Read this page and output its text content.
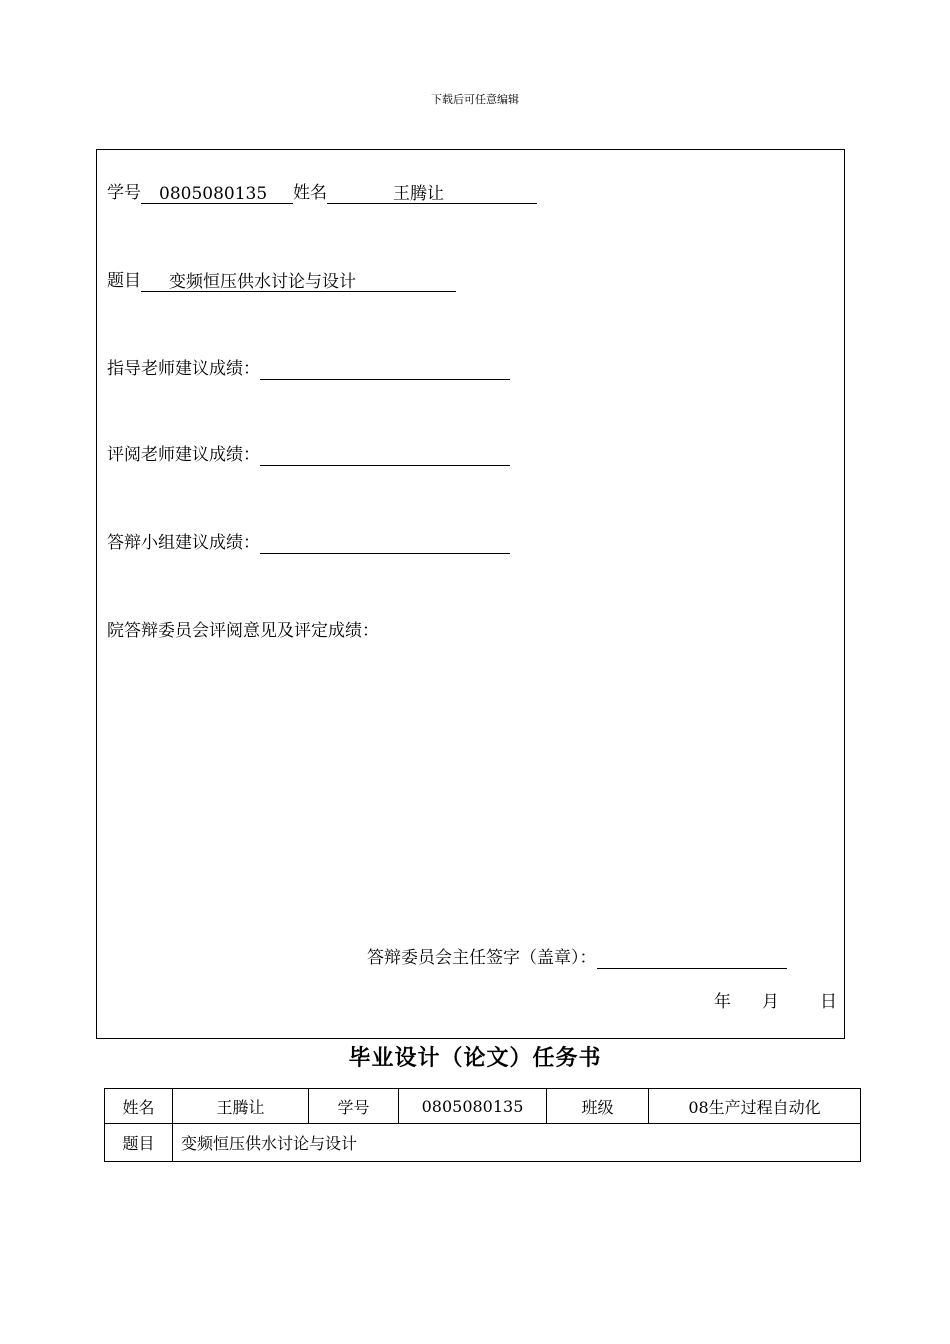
下载后可任意编辑
学号 0805080135 姓名	王腾让
题目 变频恒压供水讨论与设计
指导老师建议成绩：
评阅老师建议成绩：
答辩小组建议成绩：
院答辩委员会评阅意见及评定成绩：
答辩委员会主任签字（盖章）：
年 月 日
毕业设计（论文）任务书
姓名	王腾让	学号	0805080135	班级	08生产过程自动化
题目	变频恒压供水讨论与设计				
